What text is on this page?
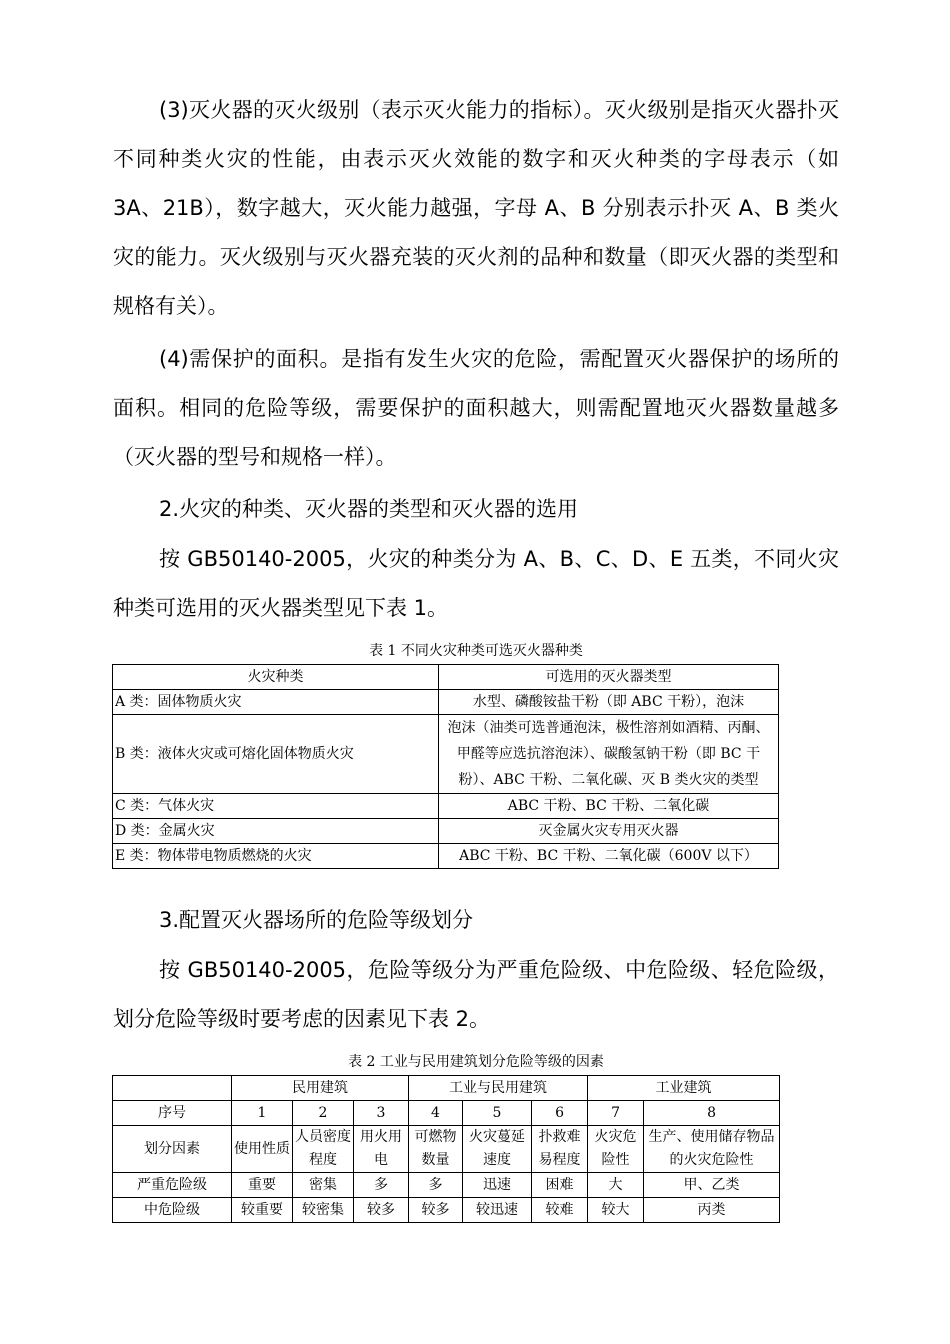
(3)灭火器的灭火级别（表示灭火能力的指标）。灭火级别是指灭火器扑灭不同种类火灾的性能，由表示灭火效能的数字和灭火种类的字母表示（如 3A、21B），数字越大，灭火能力越强，字母 A、B 分别表示扑灭 A、B 类火灾的能力。灭火级别与灭火器充装的灭火剂的品种和数量（即灭火器的类型和规格有关）。

(4)需保护的面积。是指有发生火灾的危险，需配置灭火器保护的场所的面积。相同的危险等级，需要保护的面积越大，则需配置地灭火器数量越多（灭火器的型号和规格一样）。

2.火灾的种类、灭火器的类型和灭火器的选用

按 GB50140-2005，火灾的种类分为 A、B、C、D、E 五类，不同火灾种类可选用的灭火器类型见下表 1。

表 1 不同火灾种类可选灭火器种类
火灾种类	可选用的灭火器类型
A 类：固体物质火灾	水型、磷酸铵盐干粉（即 ABC 干粉），泡沫
B 类：液体火灾或可熔化固体物质火灾	泡沫（油类可选普通泡沫，极性溶剂如酒精、丙酮、甲醛等应选抗溶泡沫）、碳酸氢钠干粉（即 BC 干粉）、ABC 干粉、二氧化碳、灭 B 类火灾的类型
C 类：气体火灾	ABC 干粉、BC 干粉、二氧化碳
D 类：金属火灾	灭金属火灾专用灭火器
E 类：物体带电物质燃烧的火灾	ABC 干粉、BC 干粉、二氧化碳（600V 以下）

3.配置灭火器场所的危险等级划分

按 GB50140-2005，危险等级分为严重危险级、中危险级、轻危险级，划分危险等级时要考虑的因素见下表 2。

表 2 工业与民用建筑划分危险等级的因素
	民用建筑			工业与民用建筑			工业建筑	
序号	1	2	3	4	5	6	7	8
划分因素	使用性质	人员密度程度	用火用电	可燃物数量	火灾蔓延速度	扑救难易程度	火灾危险性	生产、使用储存物品的火灾危险性
严重危险级	重要	密集	多	多	迅速	困难	大	甲、乙类
中危险级	较重要	较密集	较多	较多	较迅速	较难	较大	丙类
